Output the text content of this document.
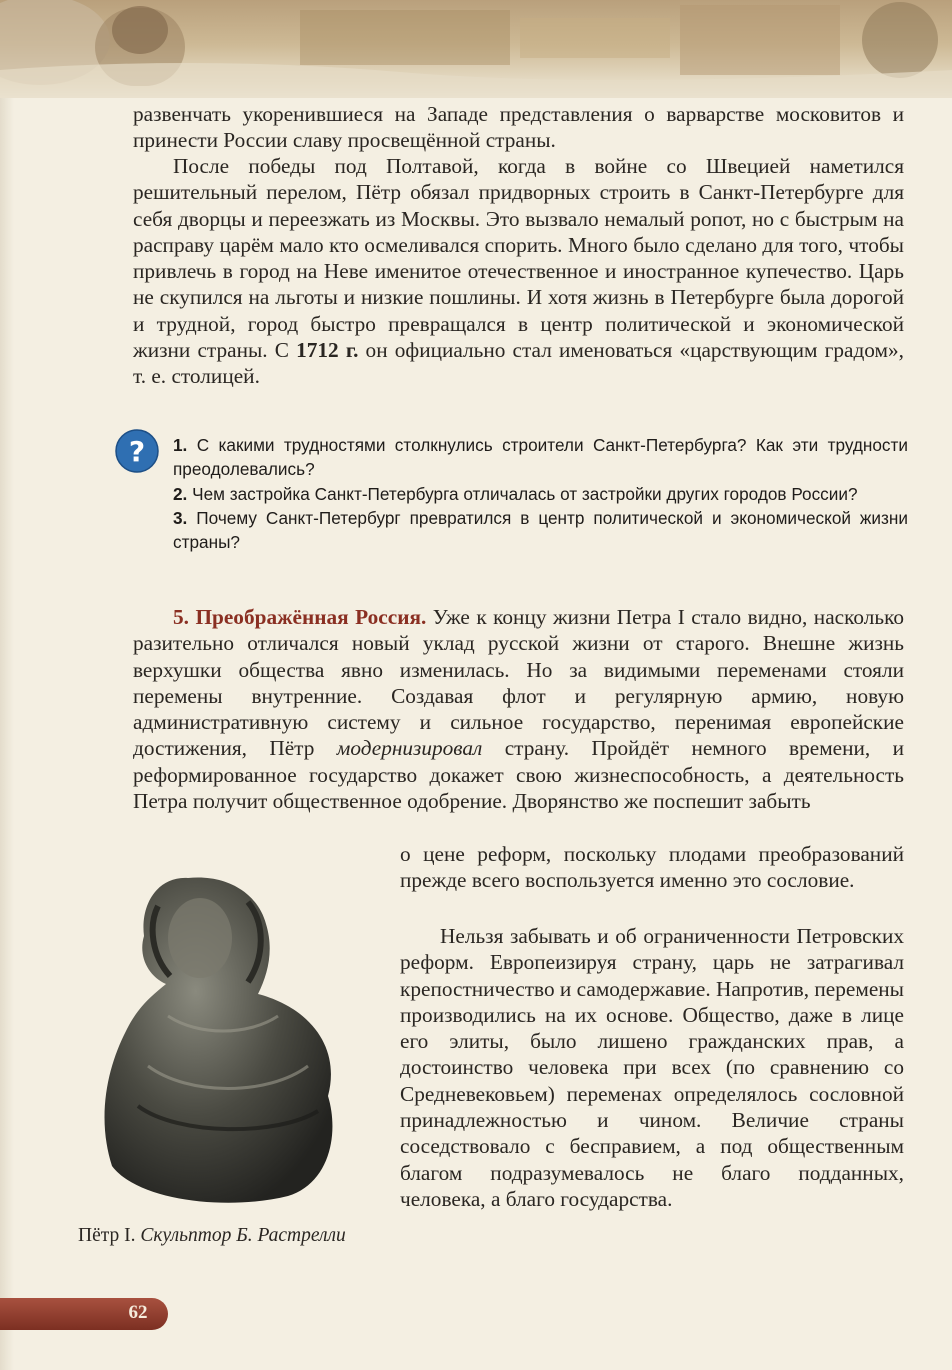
развенчать укоренившиеся на Западе представления о варварстве московитов и принести России славу просвещённой страны.

После победы под Полтавой, когда в войне со Швецией наметился решительный перелом, Пётр обязал придворных строить в Санкт-Петербурге для себя дворцы и переезжать из Москвы. Это вызвало немалый ропот, но с быстрым на расправу царём мало кто осмеливался спорить. Много было сделано для того, чтобы привлечь в город на Неве именитое отечественное и иностранное купечество. Царь не скупился на льготы и низкие пошлины. И хотя жизнь в Петербурге была дорогой и трудной, город быстро превращался в центр политической и экономической жизни страны. С 1712 г. он официально стал именоваться «царствующим градом», т. е. столицей.

? 1. С какими трудностями столкнулись строители Санкт-Петербурга? Как эти трудности преодолевались?
2. Чем застройка Санкт-Петербурга отличалась от застройки других городов России?
3. Почему Санкт-Петербург превратился в центр политической и экономической жизни страны?

5. Преображённая Россия. Уже к концу жизни Петра I стало видно, насколько разительно отличался новый уклад русской жизни от старого. Внешне жизнь верхушки общества явно изменилась. Но за видимыми переменами стояли перемены внутренние. Создавая флот и регулярную армию, новую административную систему и сильное государство, перенимая европейские достижения, Пётр модернизировал страну. Пройдёт немного времени, и реформированное государство докажет свою жизнеспособность, а деятельность Петра получит общественное одобрение. Дворянство же поспешит забыть

о цене реформ, поскольку плодами преобразований прежде всего воспользуется именно это сословие.

Нельзя забывать и об ограниченности Петровских реформ. Европеизируя страну, царь не затрагивал крепостничество и самодержавие. Напротив, перемены производились на их основе. Общество, даже в лице его элиты, было лишено гражданских прав, а достоинство человека при всех (по сравнению со Средневековьем) переменах определялось сословной принадлежностью и чином. Величие страны соседствовало с бесправием, а под общественным благом подразумевалось не благо подданных, человека, а благо государства.

Пётр I. Скульптор Б. Растрелли
62
